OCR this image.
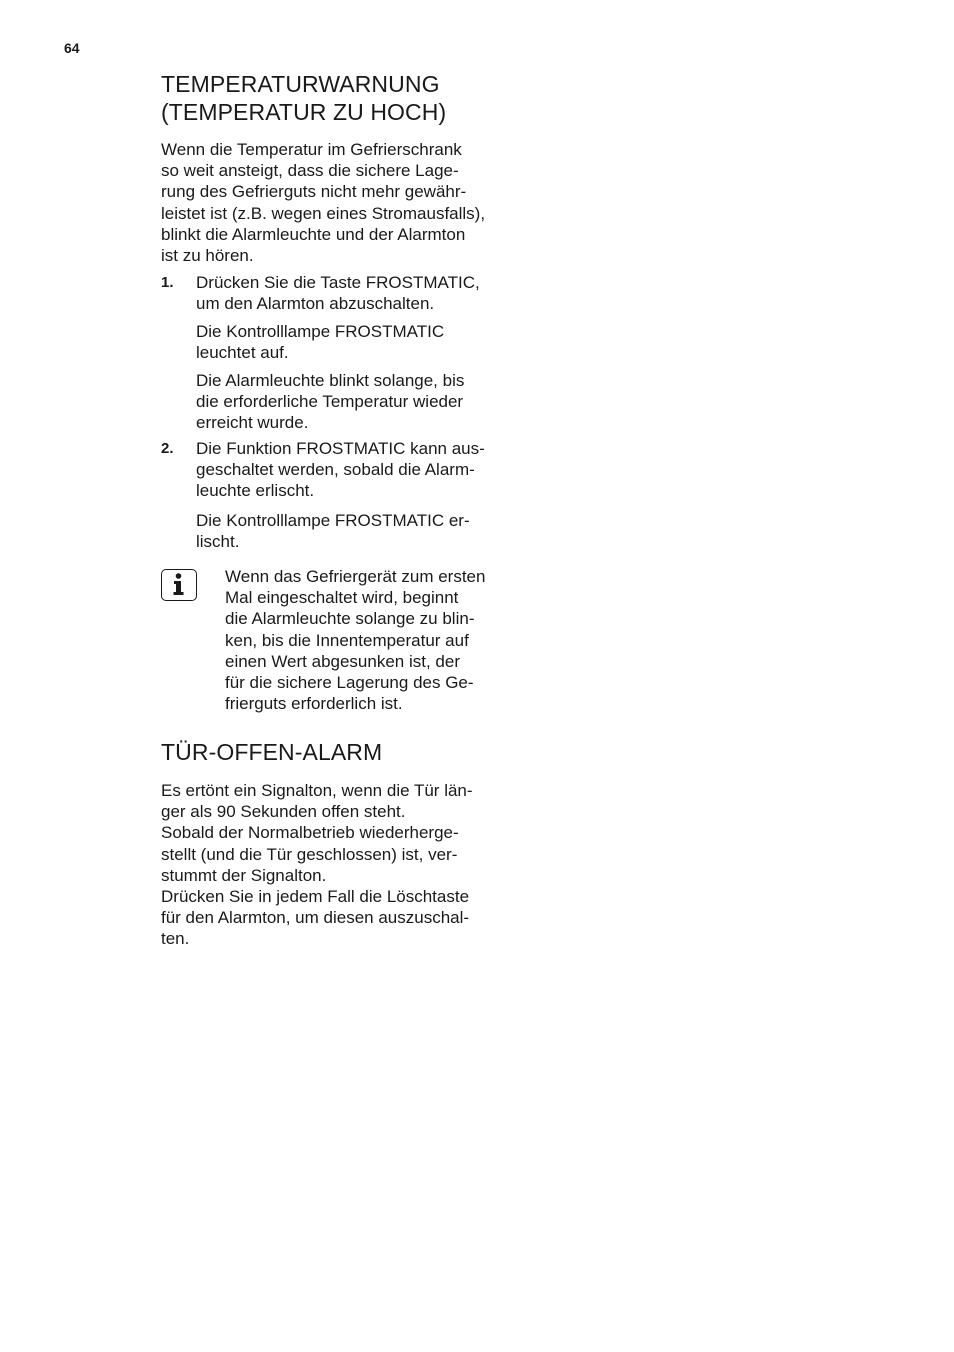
64
TEMPERATURWARNUNG
(TEMPERATUR ZU HOCH)

Wenn die Temperatur im Gefrierschrank
so weit ansteigt, dass die sichere Lage-
rung des Gefrierguts nicht mehr gewähr-
leistet ist (z.B. wegen eines Stromausfalls),
blinkt die Alarmleuchte und der Alarmton
ist zu hören.

1. Drücken Sie die Taste FROSTMATIC,
um den Alarmton abzuschalten.

Die Kontrolllampe FROSTMATIC
leuchtet auf.

Die Alarmleuchte blinkt solange, bis
die erforderliche Temperatur wieder
erreicht wurde.

2. Die Funktion FROSTMATIC kann aus-
geschaltet werden, sobald die Alarm-
leuchte erlischt.

Die Kontrolllampe FROSTMATIC er-
lischt.

Wenn das Gefriergerät zum ersten
Mal eingeschaltet wird, beginnt
die Alarmleuchte solange zu blin-
ken, bis die Innentemperatur auf
einen Wert abgesunken ist, der
für die sichere Lagerung des Ge-
frierguts erforderlich ist.

TÜR-OFFEN-ALARM

Es ertönt ein Signalton, wenn die Tür län-
ger als 90 Sekunden offen steht.
Sobald der Normalbetrieb wiederherge-
stellt (und die Tür geschlossen) ist, ver-
stummt der Signalton.
Drücken Sie in jedem Fall die Löschtaste
für den Alarmton, um diesen auszuschal-
ten.
